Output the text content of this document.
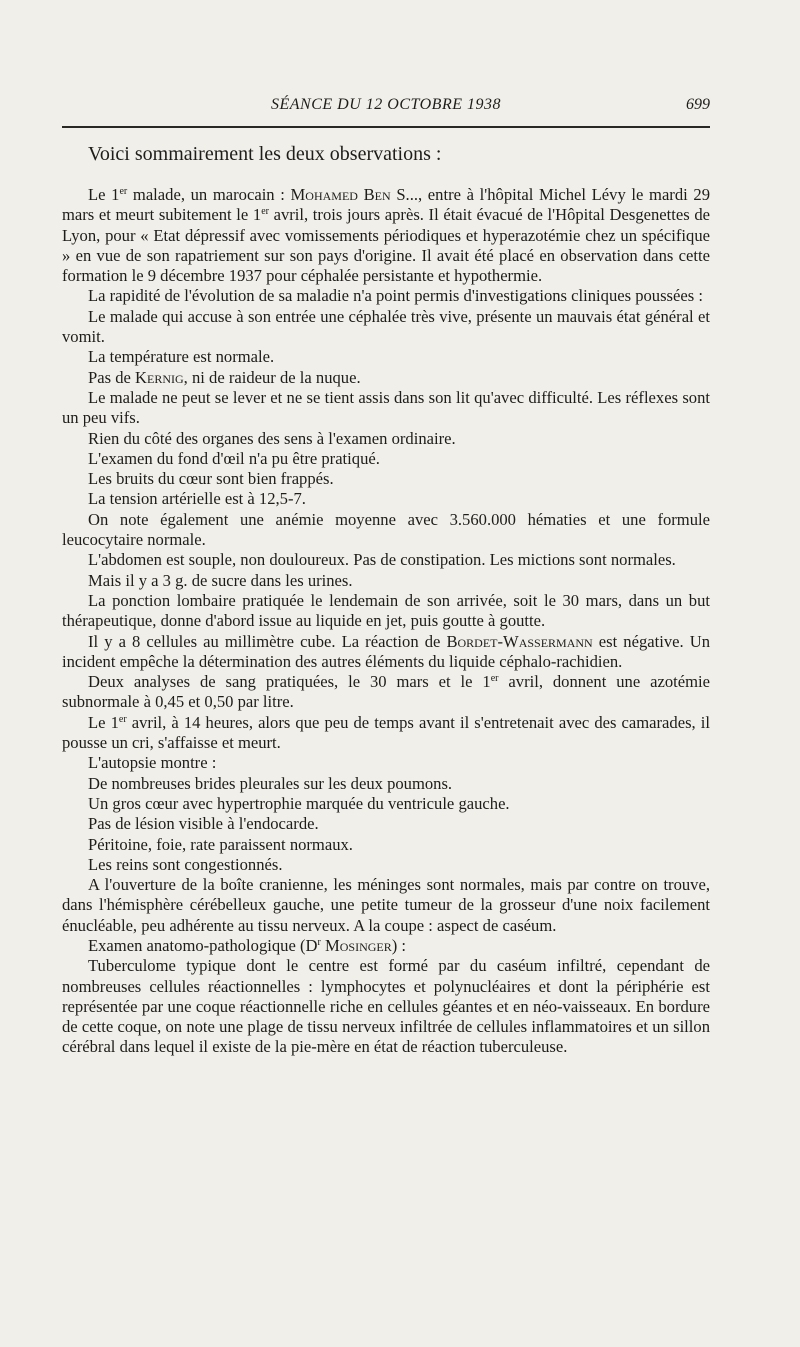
SÉANCE DU 12 OCTOBRE 1938	699
Voici sommairement les deux observations :

Le 1er malade, un marocain : Mohamed Ben S..., entre à l'hôpital Michel Lévy le mardi 29 mars et meurt subitement le 1er avril, trois jours après. Il était évacué de l'Hôpital Desgenettes de Lyon, pour « Etat dépressif avec vomissements périodiques et hyperazotémie chez un spécifique » en vue de son rapatriement sur son pays d'origine. Il avait été placé en observation dans cette formation le 9 décembre 1937 pour céphalée persistante et hypothermie.

La rapidité de l'évolution de sa maladie n'a point permis d'investigations cliniques poussées :

Le malade qui accuse à son entrée une céphalée très vive, présente un mauvais état général et vomit.

La température est normale.

Pas de Kernig, ni de raideur de la nuque.

Le malade ne peut se lever et ne se tient assis dans son lit qu'avec difficulté. Les réflexes sont un peu vifs.

Rien du côté des organes des sens à l'examen ordinaire.

L'examen du fond d'œil n'a pu être pratiqué.

Les bruits du cœur sont bien frappés.

La tension artérielle est à 12,5-7.

On note également une anémie moyenne avec 3.560.000 hématies et une formule leucocytaire normale.

L'abdomen est souple, non douloureux. Pas de constipation. Les mictions sont normales.

Mais il y a 3 g. de sucre dans les urines.

La ponction lombaire pratiquée le lendemain de son arrivée, soit le 30 mars, dans un but thérapeutique, donne d'abord issue au liquide en jet, puis goutte à goutte.

Il y a 8 cellules au millimètre cube. La réaction de Bordet-Wassermann est négative. Un incident empêche la détermination des autres éléments du liquide céphalo-rachidien.

Deux analyses de sang pratiquées, le 30 mars et le 1er avril, donnent une azotémie subnormale à 0,45 et 0,50 par litre.

Le 1er avril, à 14 heures, alors que peu de temps avant il s'entretenait avec des camarades, il pousse un cri, s'affaisse et meurt.

L'autopsie montre :

De nombreuses brides pleurales sur les deux poumons.

Un gros cœur avec hypertrophie marquée du ventricule gauche.

Pas de lésion visible à l'endocarde.

Péritoine, foie, rate paraissent normaux.

Les reins sont congestionnés.

A l'ouverture de la boîte cranienne, les méninges sont normales, mais par contre on trouve, dans l'hémisphère cérébelleux gauche, une petite tumeur de la grosseur d'une noix facilement énucléable, peu adhérente au tissu nerveux. A la coupe : aspect de caséum.

Examen anatomo-pathologique ($D^r$ Mosinger) :

Tuberculome typique dont le centre est formé par du caséum infiltré, cependant de nombreuses cellules réactionnelles : lymphocytes et polynucléaires et dont la périphérie est représentée par une coque réactionnelle riche en cellules géantes et en néo-vaisseaux. En bordure de cette coque, on note une plage de tissu nerveux infiltrée de cellules inflammatoires et un sillon cérébral dans lequel il existe de la pie-mère en état de réaction tuberculeuse.
